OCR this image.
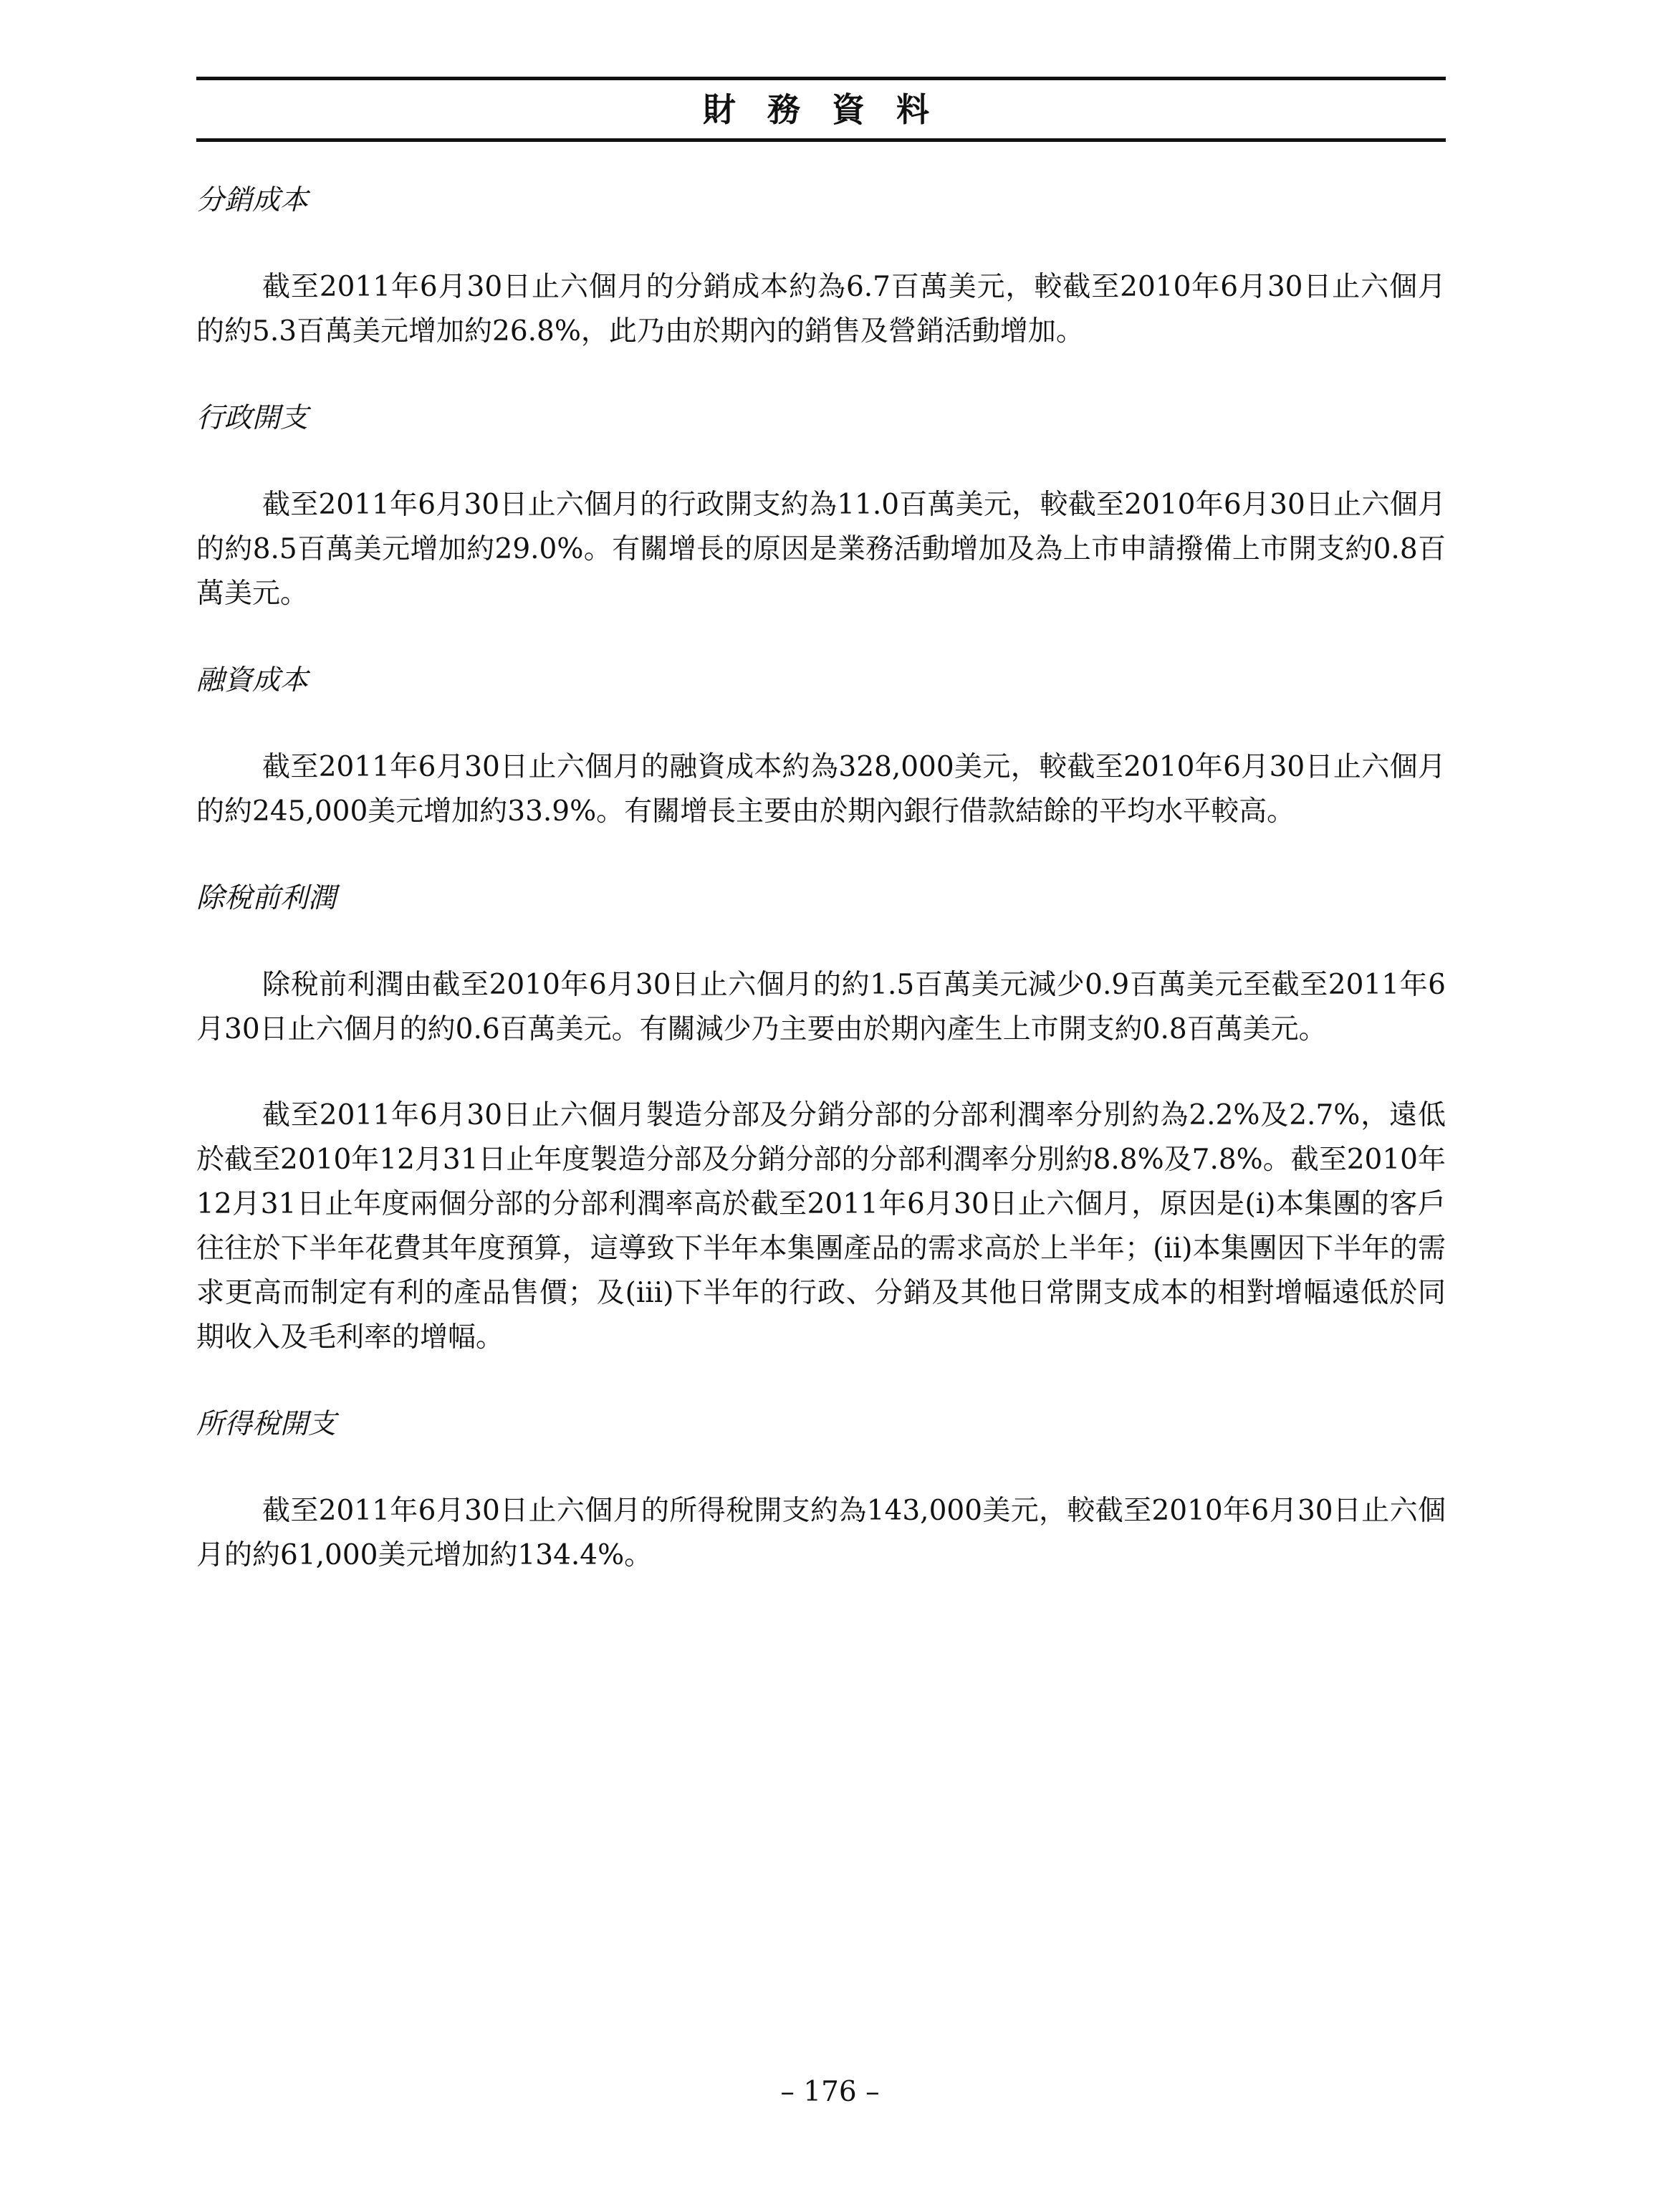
財 務 資 料
分銷成本

截至2011年6月30日止六個月的分銷成本約為6.7百萬美元，較截至2010年6月30日止六個月的約5.3百萬美元增加約26.8%，此乃由於期內的銷售及營銷活動增加。

行政開支

截至2011年6月30日止六個月的行政開支約為11.0百萬美元，較截至2010年6月30日止六個月的約8.5百萬美元增加約29.0%。有關增長的原因是業務活動增加及為上市申請撥備上市開支約0.8百萬美元。

融資成本

截至2011年6月30日止六個月的融資成本約為328,000美元，較截至2010年6月30日止六個月的約245,000美元增加約33.9%。有關增長主要由於期內銀行借款結餘的平均水平較高。

除稅前利潤

除稅前利潤由截至2010年6月30日止六個月的約1.5百萬美元減少0.9百萬美元至截至2011年6月30日止六個月的約0.6百萬美元。有關減少乃主要由於期內產生上市開支約0.8百萬美元。

截至2011年6月30日止六個月製造分部及分銷分部的分部利潤率分別約為2.2%及2.7%，遠低於截至2010年12月31日止年度製造分部及分銷分部的分部利潤率分別約8.8%及7.8%。截至2010年12月31日止年度兩個分部的分部利潤率高於截至2011年6月30日止六個月，原因是(i)本集團的客戶往往於下半年花費其年度預算，這導致下半年本集團產品的需求高於上半年；(ii)本集團因下半年的需求更高而制定有利的產品售價；及(iii)下半年的行政、分銷及其他日常開支成本的相對增幅遠低於同期收入及毛利率的增幅。

所得稅開支

截至2011年6月30日止六個月的所得稅開支約為143,000美元，較截至2010年6月30日止六個月的約61,000美元增加約134.4%。

– 176 –
